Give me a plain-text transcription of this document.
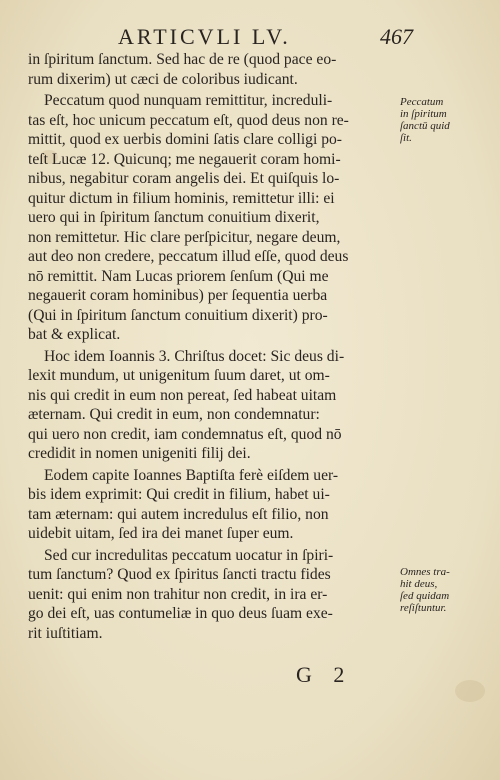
ARTICVLI LV.	467
in ſpiritum ſanctum. Sed hac de re (quod pace eo-
rum dixerim) ut cæci de coloribus iudicant.
Peccatum quod nunquam remittitur, increduli-
tas eſt, hoc unicum peccatum eſt, quod deus non re-
mittit, quod ex uerbis domini ſatis clare colligi po-
teſt Lucæ 12. Quicunq; me negauerit coram homi-
nibus, negabitur coram angelis dei. Et quiſquis lo-
quitur dictum in filium hominis, remittetur illi: ei
uero qui in ſpiritum ſanctum conuitium dixerit,
non remittetur. Hic clare perſpicitur, negare deum,
aut deo non credere, peccatum illud eſſe, quod deus
nō remittit. Nam Lucas priorem ſenſum (Qui me
negauerit coram hominibus) per ſequentia uerba
(Qui in ſpiritum ſanctum conuitium dixerit) pro-
bat & explicat.
Hoc idem Ioannis 3. Chriſtus docet: Sic deus di-
lexit mundum, ut unigenitum ſuum daret, ut om-
nis qui credit in eum non pereat, ſed habeat uitam
æternam. Qui credit in eum, non condemnatur:
qui uero non credit, iam condemnatus eſt, quod nō
credidit in nomen unigeniti filij dei.
Eodem capite Ioannes Baptiſta ferè eiſdem uer-
bis idem exprimit: Qui credit in filium, habet ui-
tam æternam: qui autem incredulus eſt filio, non
uidebit uitam, ſed ira dei manet ſuper eum.
Sed cur incredulitas peccatum uocatur in ſpiri-
tum ſanctum? Quod ex ſpiritus ſancti tractu fides
uenit: qui enim non trahitur non credit, in ira er-
go dei eſt, uas contumeliæ in quo deus ſuam exe-
rit iuſtitiam.
Peccatum
in ſpiritum
ſanctū quid
ſit.
Omnes tra-
hit deus,
ſed quidam
reſiſtuntur.
G 2
